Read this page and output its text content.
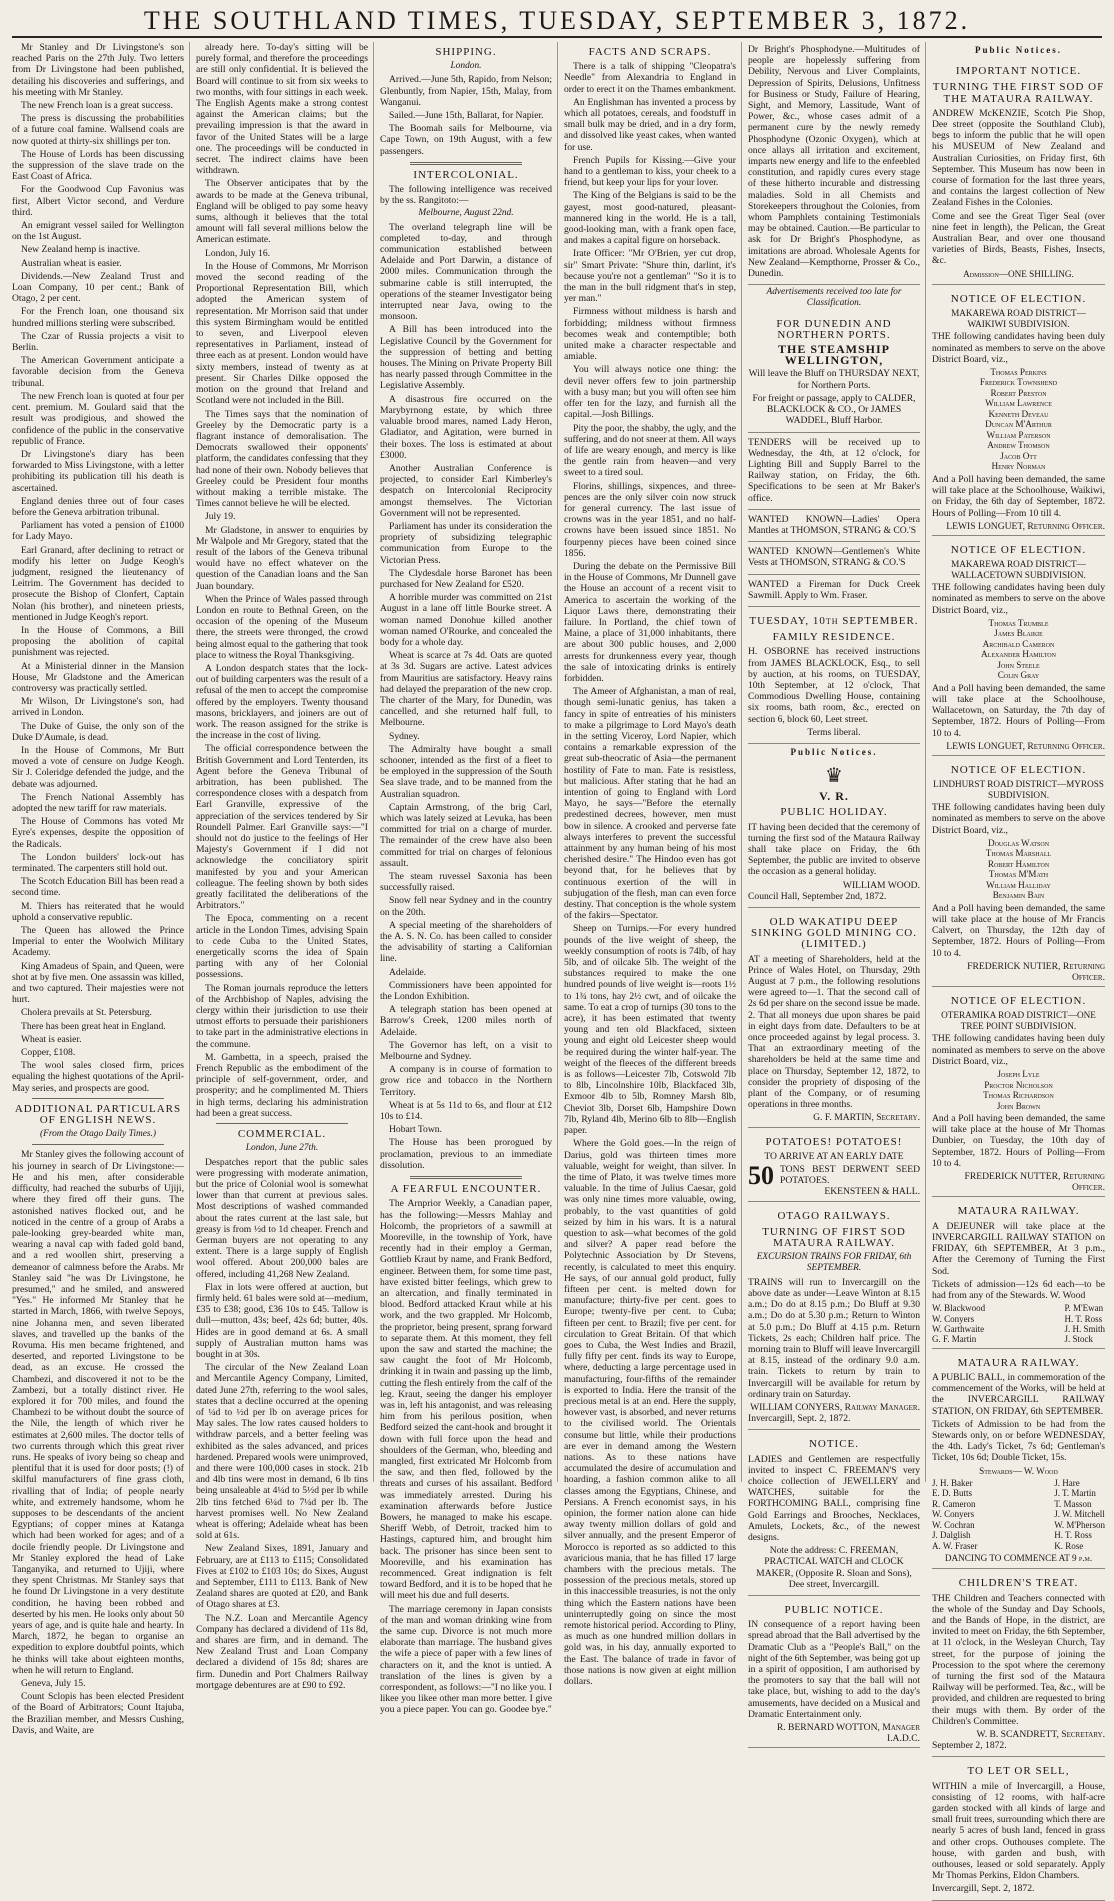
THE SOUTHLAND TIMES, TUESDAY, SEPTEMBER 3, 1872.

Mr Stanley and Dr Livingstone's son reached Paris on the 27th July. Two letters from Dr Livingstone had been published, detailing his discoveries and sufferings, and his meeting with Mr Stanley.

The new French loan is a great success.

The press is discussing the probabilities of a future coal famine. Wallsend coals are now quoted at thirty-six shillings per ton.

The House of Lords has been discussing the suppression of the slave trade on the East Coast of Africa.

For the Goodwood Cup Favonius was first, Albert Victor second, and Verdure third.

An emigrant vessel sailed for Wellington on the 1st August.

New Zealand hemp is inactive.

Australian wheat is easier.

Dividends.—New Zealand Trust and Loan Company, 10 per cent.; Bank of Otago, 2 per cent.

For the French loan, one thousand six hundred millions sterling were subscribed.

The Czar of Russia projects a visit to Berlin.

The American Government anticipate a favorable decision from the Geneva tribunal.

The new French loan is quoted at four per cent. premium. M. Goulard said that the result was prodigious, and showed the confidence of the public in the conservative republic of France.

Dr Livingstone's diary has been forwarded to Miss Livingstone, with a letter prohibiting its publication till his death is ascertained.

England denies three out of four cases before the Geneva arbitration tribunal.

Parliament has voted a pension of £1000 for Lady Mayo.

Earl Granard, after declining to retract or modify his letter on Judge Keogh's judgment, resigned the lieutenancy of Leitrim. The Government has decided to prosecute the Bishop of Clonfert, Captain Nolan (his brother), and nineteen priests, mentioned in Judge Keogh's report.

In the House of Commons, a Bill proposing the abolition of capital punishment was rejected.

At a Ministerial dinner in the Mansion House, Mr Gladstone and the American controversy was practically settled.

Mr Wilson, Dr Livingstone's son, had arrived in London.

The Duke of Guise, the only son of the Duke D'Aumale, is dead.

In the House of Commons, Mr Butt moved a vote of censure on Judge Keogh. Sir J. Coleridge defended the judge, and the debate was adjourned.

The French National Assembly has adopted the new tariff for raw materials.

The House of Commons has voted Mr Eyre's expenses, despite the opposition of the Radicals.

The London builders' lock-out has terminated. The carpenters still hold out.

The Scotch Education Bill has been read a second time.

M. Thiers has reiterated that he would uphold a conservative republic.

The Queen has allowed the Prince Imperial to enter the Woolwich Military Academy.

King Amadeus of Spain, and Queen, were shot at by five men. One assassin was killed, and two captured. Their majesties were not hurt.

Cholera prevails at St. Petersburg.

There has been great heat in England.

Wheat is easier.

Copper, £108.

The wool sales closed firm, prices equaling the highest quotations of the April-May series, and prospects are good.

ADDITIONAL PARTICULARS OF ENGLISH NEWS.
(From the Otago Daily Times.)

Mr Stanley gives the following account of his journey in search of Dr Livingstone:—He and his men, after considerable difficulty, had reached the suburbs of Ujiji, where they fired off their guns. The astonished natives flocked out, and he noticed in the centre of a group of Arabs a pale-looking grey-bearded white man, wearing a naval cap with faded gold band, and a red woollen shirt, preserving a demeanor of calmness before the Arabs. Mr Stanley said "he was Dr Livingstone, he presumed," and he smiled, and answered "Yes." He informed Mr Stanley that he started in March, 1866, with twelve Sepoys, nine Johanna men, and seven liberated slaves, and travelled up the banks of the Rovuma. His men became frightened, and deserted, and reported Livingstone to be dead, as an excuse. He crossed the Chambezi, and discovered it not to be the Zambezi, but a totally distinct river. He explored it for 700 miles, and found the Chambezi to be without doubt the source of the Nile, the length of which river he estimates at 2,600 miles. The doctor tells of two currents through which this great river runs. He speaks of ivory being so cheap and plentiful that it is used for door posts; (!) of skilful manufacturers of fine grass cloth, rivalling that of India; of people nearly white, and extremely handsome, whom he supposes to be descendants of the ancient Egyptians; of copper mines at Katanga which had been worked for ages; and of a docile friendly people. Dr Livingstone and Mr Stanley explored the head of Lake Tanganyika, and returned to Ujiji, where they spent Christmas. Mr Stanley says that he found Dr Livingstone in a very destitute condition, he having been robbed and deserted by his men. He looks only about 50 years of age, and is quite hale and hearty. In March, 1872, he began to organise an expedition to explore doubtful points, which he thinks will take about eighteen months, when he will return to England.

Geneva, July 15.

Count Sclopis has been elected President of the Board of Arbitrators; Count Itajuba, the Brazilian member, and Messrs Cushing, Davis, and Waite, are

already here. To-day's sitting will be purely formal, and therefore the proceedings are still only confidential. It is believed the Board will continue to sit from six weeks to two months, with four sittings in each week. The English Agents make a strong contest against the American claims; but the prevailing impression is that the award in favor of the United States will be a large one. The proceedings will be conducted in secret. The indirect claims have been withdrawn.

The Observer anticipates that by the awards to be made at the Geneva tribunal, England will be obliged to pay some heavy sums, although it believes that the total amount will fall several millions below the American estimate.

London, July 16.

In the House of Commons, Mr Morrison moved the second reading of the Proportional Representation Bill, which adopted the American system of representation. Mr Morrison said that under this system Birmingham would be entitled to seven, and Liverpool eleven representatives in Parliament, instead of three each as at present. London would have sixty members, instead of twenty as at present. Sir Charles Dilke opposed the motion on the ground that Ireland and Scotland were not included in the Bill.

The Times says that the nomination of Greeley by the Democratic party is a flagrant instance of demoralisation. The Democrats swallowed their opponents' platform, the candidates confessing that they had none of their own. Nobody believes that Greeley could be President four months without making a terrible mistake. The Times cannot believe he will be elected.

July 19.

Mr Gladstone, in answer to enquiries by Mr Walpole and Mr Gregory, stated that the result of the labors of the Geneva tribunal would have no effect whatever on the question of the Canadian loans and the San Juan boundary.

When the Prince of Wales passed through London en route to Bethnal Green, on the occasion of the opening of the Museum there, the streets were thronged, the crowd being almost equal to the gathering that took place to witness the Royal Thanksgiving.

A London despatch states that the lock-out of building carpenters was the result of a refusal of the men to accept the compromise offered by the employers. Twenty thousand masons, bricklayers, and joiners are out of work. The reason assigned for the strike is the increase in the cost of living.

The official correspondence between the British Government and Lord Tenterden, its Agent before the Geneva Tribunal of arbitration, has been published. The correspondence closes with a despatch from Earl Granville, expressive of the appreciation of the services tendered by Sir Roundell Palmer. Earl Granville says:—"I should not do justice to the feelings of Her Majesty's Government if I did not acknowledge the conciliatory spirit manifested by you and your American colleague. The feeling shown by both sides greatly facilitated the deliberations of the Arbitrators."

The Epoca, commenting on a recent article in the London Times, advising Spain to cede Cuba to the United States, energetically scorns the idea of Spain parting with any of her Colonial possessions.

The Roman journals reproduce the letters of the Archbishop of Naples, advising the clergy within their jurisdiction to use their utmost efforts to persuade their parishioners to take part in the administrative elections in the commune.

M. Gambetta, in a speech, praised the French Republic as the embodiment of the principle of self-government, order, and prosperity; and he complimented M. Thiers in high terms, declaring his administration had been a great success.

COMMERCIAL.
London, June 27th.

Despatches report that the public sales were progressing with moderate animation, but the price of Colonial wool is somewhat lower than that current at previous sales. Most descriptions of washed commanded about the rates current at the last sale, but greasy is from ½d to 1d cheaper. French and German buyers are not operating to any extent. There is a large supply of English wool offered. About 200,000 bales are offered, including 41,268 New Zealand.

Flax in lots were offered at auction, but firmly held. 61 bales were sold at—medium, £35 to £38; good, £36 10s to £45. Tallow is dull—mutton, 43s; beef, 42s 6d; butter, 40s. Hides are in good demand at 6s. A small supply of Australian mutton hams was bought in at 30s.

The circular of the New Zealand Loan and Mercantile Agency Company, Limited, dated June 27th, referring to the wool sales, states that a decline occurred at the opening of ¼d to ½d per lb on average prices for May sales. The low rates caused holders to withdraw parcels, and a better feeling was exhibited as the sales advanced, and prices hardened. Prepared wools were unimproved, and there were 100,000 cases in stock. 21b and 4lb tins were most in demand, 6 lb tins being unsaleable at 4¼d to 5½d per lb while 2lb tins fetched 6¼d to 7¼d per lb. The harvest promises well. No New Zealand wheat is offering; Adelaide wheat has been sold at 61s.

New Zealand Sixes, 1891, January and February, are at £113 to £115; Consolidated Fives at £102 to £103 10s; do Sixes, August and September, £111 to £113. Bank of New Zealand shares are quoted at £20, and Bank of Otago shares at £3.

The N.Z. Loan and Mercantile Agency Company has declared a dividend of 11s 8d, and shares are firm, and in demand. The New Zealand Trust and Loan Company declared a dividend of 15s 8d; shares are firm. Dunedin and Port Chalmers Railway mortgage debentures are at £90 to £92.

SHIPPING.
London.

Arrived.—June 5th, Rapido, from Nelson; Glenbuntly, from Napier, 15th, Malay, from Wanganui.

Sailed.—June 15th, Ballarat, for Napier.

The Boomah sails for Melbourne, via Cape Town, on 19th August, with a few passengers.

INTERCOLONIAL.

The following intelligence was received by the ss. Rangitoto:—

Melbourne, August 22nd.

The overland telegraph line will be completed to-day, and through communication established between Adelaide and Port Darwin, a distance of 2000 miles. Communication through the submarine cable is still interrupted, the operations of the steamer Investigator being interrupted near Java, owing to the monsoon.

A Bill has been introduced into the Legislative Council by the Government for the suppression of betting and betting houses. The Mining on Private Property Bill has nearly passed through Committee in the Legislative Assembly.

A disastrous fire occurred on the Marybyrnong estate, by which three valuable brood mares, named Lady Heron, Gladiator, and Agitation, were burned in their boxes. The loss is estimated at about £3000.

Another Australian Conference is projected, to consider Earl Kimberley's despatch on Intercolonial Reciprocity amongst themselves. The Victorian Government will not be represented.

Parliament has under its consideration the propriety of subsidizing telegraphic communication from Europe to the Victorian Press.

The Clydesdale horse Baronet has been purchased for New Zealand for £520.

A horrible murder was committed on 21st August in a lane off little Bourke street. A woman named Donohue killed another woman named O'Rourke, and concealed the body for a whole day.

Wheat is scarce at 7s 4d. Oats are quoted at 3s 3d. Sugars are active. Latest advices from Mauritius are satisfactory. Heavy rains had delayed the preparation of the new crop. The charter of the Mary, for Dunedin, was cancelled, and she returned half full, to Melbourne.

Sydney.

The Admiralty have bought a small schooner, intended as the first of a fleet to be employed in the suppression of the South Sea slave trade, and to be manned from the Australian squadron.

Captain Armstrong, of the brig Carl, which was lately seized at Levuka, has been committed for trial on a charge of murder. The remainder of the crew have also been committed for trial on charges of felonious assault.

The steam ruvessel Saxonia has been successfully raised.

Snow fell near Sydney and in the country on the 20th.

A special meeting of the shareholders of the A. S. N. Co. has been called to consider the advisability of starting a Californian line.

Adelaide.

Commissioners have been appointed for the London Exhibition.

A telegraph station has been opened at Barrow's Creek, 1200 miles north of Adelaide.

The Governor has left, on a visit to Melbourne and Sydney.

A company is in course of formation to grow rice and tobacco in the Northern Territory.

Wheat is at 5s 11d to 6s, and flour at £12 10s to £14.

Hobart Town.

The House has been prorogued by proclamation, previous to an immediate dissolution.

A FEARFUL ENCOUNTER.

The Arnprior Weekly, a Canadian paper, has the following:—Messrs Mahlay and Holcomb, the proprietors of a sawmill at Mooreville, in the township of York, have recently had in their employ a German, Gottlieb Kraut by name, and Frank Bedford, engineer. Between them, for some time past, have existed bitter feelings, which grew to an altercation, and finally terminated in blood. Bedford attacked Kraut while at his work, and the two grappled. Mr Holcomb, the proprietor, being present, sprang forward to separate them. At this moment, they fell upon the saw and started the machine; the saw caught the foot of Mr Holcomb, drinking it in twain and passing up the limb, cutting the flesh entirely from the calf of the leg. Kraut, seeing the danger his employer was in, left his antagonist, and was releasing him from his perilous position, when Bedford seized the cant-hook and brought it down with full force upon the head and shoulders of the German, who, bleeding and mangled, first extricated Mr Holcomb from the saw, and then fled, followed by the threats and curses of his assailant. Bedford was immediately arrested. During his examination afterwards before Justice Bowers, he managed to make his escape. Sheriff Webb, of Detroit, tracked him to Hastings, captured him, and brought him back. The prisoner has since been sent to Mooreville, and his examination has recommenced. Great indignation is felt toward Bedford, and it is to be hoped that he will meet his due and full deserts.

The marriage ceremony in Japan consists of the man and woman drinking wine from the same cup. Divorce is not much more elaborate than marriage. The husband gives the wife a piece of paper with a few lines of characters on it, and the knot is untied. A translation of the lines is given by a correspondent, as follows:—"I no like you. I likee you likee other man more better. I give you a piece paper. You can go. Goodee bye."

FACTS AND SCRAPS.

There is a talk of shipping "Cleopatra's Needle" from Alexandria to England in order to erect it on the Thames embankment.

An Englishman has invented a process by which all potatoes, cereals, and foodstuff in small bulk may be dried, and in a dry form, and dissolved like yeast cakes, when wanted for use.

French Pupils for Kissing.—Give your hand to a gentleman to kiss, your cheek to a friend, but keep your lips for your lover.

The King of the Belgians is said to be the gayest, most good-natured, pleasant-mannered king in the world. He is a tall, good-looking man, with a frank open face, and makes a capital figure on horseback.

Irate Officer: "Mr O'Brien, yer cut drop, sir" Smart Private: "Shure thin, darlint, it's because you're not a gentleman" "So it is to the man in the bull ridgment that's in step, yer man."

Firmness without mildness is harsh and forbidding; mildness without firmness becomes weak and contemptible; both united make a character respectable and amiable.

You will always notice one thing: the devil never offers few to join partnership with a busy man; but you will often see him offer ten for the lazy, and furnish all the capital.—Josh Billings.

Pity the poor, the shabby, the ugly, and the suffering, and do not sneer at them. All ways of life are weary enough, and mercy is like the gentle rain from heaven—and very sweet to a tired soul.

Florins, shillings, sixpences, and three-pences are the only silver coin now struck for general currency. The last issue of crowns was in the year 1851, and no half-crowns have been issued since 1851. No fourpenny pieces have been coined since 1856.

During the debate on the Permissive Bill in the House of Commons, Mr Dunnell gave the House an account of a recent visit to America to ascertain the working of the Liquor Laws there, demonstrating their failure. In Portland, the chief town of Maine, a place of 31,000 inhabitants, there are about 300 public houses, and 2,000 arrests for drunkenness every year, though the sale of intoxicating drinks is entirely forbidden.

The Ameer of Afghanistan, a man of real, though semi-lunatic genius, has taken a fancy in spite of entreaties of his ministers to make a pilgrimage to Lord Mayo's death in the setting Viceroy, Lord Napier, which contains a remarkable expression of the great sub-theocratic of Asia—the permanent hostility of Fate to man. Fate is resistless, but malicious. After stating that he had an intention of going to England with Lord Mayo, he says—"Before the eternally predestined decrees, however, men must bow in silence. A crooked and perverse fate always interferes to prevent the successful attainment by any human being of his most cherished desire." The Hindoo even has got beyond that, for he believes that by continuous exertion of the will in subjugation of the flesh, man can even force destiny. That conception is the whole system of the fakirs—Spectator.

Sheep on Turnips.—For every hundred pounds of the live weight of sheep, the weekly consumption of roots is 74lb, of hay 5lb, and of oilcake 5lb. The weight of the substances required to make the one hundred pounds of live weight is—roots 1½ to 1¾ tons, hay 2½ cwt, and of oilcake the same. To eat a crop of turnips (30 tons to the acre), it has been estimated that twenty young and ten old Blackfaced, sixteen young and eight old Leicester sheep would be required during the winter half-year. The weight of the fleeces of the different breeds is as follows—Leicester 7lb, Cotswold 7lb to 8lb, Lincolnshire 10lb, Blackfaced 3lb, Exmoor 4lb to 5lb, Romney Marsh 8lb, Cheviot 3lb, Dorset 6lb, Hampshire Down 7lb, Ryland 4lb, Merino 6lb to 8lb—English paper.

Where the Gold goes.—In the reign of Darius, gold was thirteen times more valuable, weight for weight, than silver. In the time of Plato, it was twelve times more valuable. In the time of Julius Caesar, gold was only nine times more valuable, owing, probably, to the vast quantities of gold seized by him in his wars. It is a natural question to ask—what becomes of the gold and silver? A paper read before the Polytechnic Association by Dr Stevens, recently, is calculated to meet this enquiry. He says, of our annual gold product, fully fifteen per cent. is melted down for manufacture; thirty-five per cent. goes to Europe; twenty-five per cent. to Cuba; fifteen per cent. to Brazil; five per cent. for circulation to Great Britain. Of that which goes to Cuba, the West Indies and Brazil, fully fifty per cent. finds its way to Europe, where, deducting a large percentage used in manufacturing, four-fifths of the remainder is exported to India. Here the transit of the precious metal is at an end. Here the supply, however vast, is absorbed, and never returns to the civilised world. The Orientals consume but little, while their productions are ever in demand among the Western nations. As to these nations have accumulated the desire of accumulation and hoarding, a fashion common alike to all classes among the Egyptians, Chinese, and Persians. A French economist says, in his opinion, the former nation alone can hide away twenty million dollars of gold and silver annually, and the present Emperor of Morocco is reported as so addicted to this avaricious mania, that he has filled 17 large chambers with the precious metals. The possession of the precious metals, stored up in this inaccessible treasuries, is not the only thing which the Eastern nations have been uninterruptedly going on since the most remote historical period. According to Pliny, as much as one hundred million dollars in gold was, in his day, annually exported to the East. The balance of trade in favor of those nations is now given at eight million dollars.

Dr Bright's Phosphodyne.—Multitudes of people are hopelessly suffering from Debility, Nervous and Liver Complaints, Depression of Spirits, Delusions, Unfitness for Business or Study, Failure of Hearing, Sight, and Memory, Lassitude, Want of Power, &c., whose cases admit of a permanent cure by the newly remedy Phosphodyne (Ozonic Oxygen), which at once allays all irritation and excitement, imparts new energy and life to the enfeebled constitution, and rapidly cures every stage of these hitherto incurable and distressing maladies. Sold in all Chemists and Storekeepers throughout the Colonies, from whom Pamphlets containing Testimonials may be obtained. Caution.—Be particular to ask for Dr Bright's Phosphodyne, as imitations are abroad. Wholesale Agents for New Zealand—Kempthorne, Prosser & Co., Dunedin.

Advertisements received too late for Classification.
FOR DUNEDIN AND NORTHERN PORTS.
THE STEAMSHIP WELLINGTON,

Will leave the Bluff on THURSDAY NEXT, for Northern Ports.

For freight or passage, apply to CALDER, BLACKLOCK & CO., Or JAMES WADDEL, Bluff Harbor.

TENDERS will be received up to Wednesday, the 4th, at 12 o'clock, for Lighting Bill and Supply Barrel to the Railway station, on Friday, the 6th. Specifications to be seen at Mr Baker's office.

WANTED KNOWN—Ladies' Opera Mantles at THOMSON, STRANG & CO.'S

WANTED KNOWN—Gentlemen's White Vests at THOMSON, STRANG & CO.'S

WANTED a Fireman for Duck Creek Sawmill. Apply to Wm. Fraser.

TUESDAY, 10th SEPTEMBER.
FAMILY RESIDENCE.

H. OSBORNE has received instructions from JAMES BLACKLOCK, Esq., to sell by auction, at his rooms, on TUESDAY, 10th September, at 12 o'clock, That Commodious Dwelling House, containing six rooms, bath room, &c., erected on section 6, block 60, Leet street.

Terms liberal.

Public Notices.
♛
V. R.
PUBLIC HOLIDAY.

IT having been decided that the ceremony of turning the first sod of the Mataura Railway shall take place on Friday, the 6th September, the public are invited to observe the occasion as a general holiday.

WILLIAM WOOD.

Council Hall, September 2nd, 1872.

OLD WAKATIPU DEEP SINKING GOLD MINING CO. (LIMITED.)

AT a meeting of Shareholders, held at the Prince of Wales Hotel, on Thursday, 29th August at 7 p.m., the following resolutions were agreed to—1. That the second call of 2s 6d per share on the second issue be made. 2. That all moneys due upon shares be paid in eight days from date. Defaulters to be at once proceeded against by legal process. 3. That an extraordinary meeting of the shareholders be held at the same time and place on Thursday, September 12, 1872, to consider the propriety of disposing of the plant of the Company, or of resuming operations in three months.

G. F. MARTIN, Secretary.
POTATOES! POTATOES!

TO ARRIVE AT AN EARLY DATE

50 TONS BEST DERWENT SEED POTATOES.
EKENSTEEN & HALL.
OTAGO RAILWAYS.
TURNING OF FIRST SOD MATAURA RAILWAY.
EXCURSION TRAINS FOR FRIDAY, 6th SEPTEMBER.

TRAINS will run to Invercargill on the above date as under—Leave Winton at 8.15 a.m.; Do do at 8.15 p.m.; Do Bluff at 9.30 a.m.; Do do at 5.30 p.m.; Return to Winton at 5.0 p.m.; Do Bluff at 4.15 p.m. Return Tickets, 2s each; Children half price. The morning train to Bluff will leave Invercargill at 8.15, instead of the ordinary 9.0 a.m. train. Tickets to return by train to Invercargill will be available for return by ordinary train on Saturday.

WILLIAM CONYERS, Railway Manager.

Invercargill, Sept. 2, 1872.

NOTICE.

LADIES and Gentlemen are respectfully invited to inspect C. FREEMAN'S very choice collection of JEWELLERY and WATCHES, suitable for the FORTHCOMING BALL, comprising fine Gold Earrings and Brooches, Necklaces, Amulets, Lockets, &c., of the newest designs.

Note the address: C. FREEMAN, PRACTICAL WATCH and CLOCK MAKER, (Opposite R. Sloan and Sons), Dee street, Invercargill.

PUBLIC NOTICE.

IN consequence of a report having been spread abroad that the Ball advertised by the Dramatic Club as a "People's Ball," on the night of the 6th September, was being got up in a spirit of opposition, I am authorised by the promoters to say that the ball will not take place, but, wishing to add to the day's amusements, have decided on a Musical and Dramatic Entertainment only.

R. BERNARD WOTTON, Manager I.A.D.C.
Public Notices.
IMPORTANT NOTICE.
TURNING THE FIRST SOD OF THE MATAURA RAILWAY.

ANDREW McKENZIE, Scotch Pie Shop, Dee street (opposite the Southland Club), begs to inform the public that he will open his MUSEUM of New Zealand and Australian Curiosities, on Friday first, 6th September. This Museum has now been in course of formation for the last three years, and contains the largest collection of New Zealand Fishes in the Colonies.

Come and see the Great Tiger Seal (over nine feet in length), the Pelican, the Great Australian Bear, and over one thousand varieties of Birds, Beasts, Fishes, Insects, &c.

Admission—ONE SHILLING.
NOTICE OF ELECTION.
MAKAREWA ROAD DISTRICT—WAIKIWI SUBDIVISION.

THE following candidates having been duly nominated as members to serve on the above District Board, viz.,

Thomas Perkins
Frederick Townshend
Robert Preston
William Lawrence
Kenneth Deveau
Duncan M'Arthur
William Paterson
Andrew Thomson
Jacob Ott
Henry Norman

And a Poll having been demanded, the same will take place at the Schoolhouse, Waikiwi, on Friday, the 6th day of September, 1872. Hours of Polling—From 10 till 4.

LEWIS LONGUET, Returning Officer.
NOTICE OF ELECTION.
MAKAREWA ROAD DISTRICT—WALLACETOWN SUBDIVISION.

THE following candidates having been duly nominated as members to serve on the above District Board, viz.,

Thomas Trumble
James Blaikie
Archibald Cameron
Alexander Hamilton
John Steele
Colin Gray

And a Poll having been demanded, the same will take place at the Schoolhouse, Wallacetown, on Saturday, the 7th day of September, 1872. Hours of Polling—From 10 to 4.

LEWIS LONGUET, Returning Officer.
NOTICE OF ELECTION.
LINDHURST ROAD DISTRICT—MYROSS SUBDIVISION.

THE following candidates having been duly nominated as members to serve on the above District Board, viz.,

Douglas Watson
Thomas Marshall
Robert Hamilton
Thomas M'Math
William Halliday
Benjamin Bain

And a Poll having been demanded, the same will take place at the house of Mr Francis Calvert, on Thursday, the 12th day of September, 1872. Hours of Polling—From 10 to 4.

FREDERICK NUTIER, Returning Officer.
NOTICE OF ELECTION.
OTERAMIKA ROAD DISTRICT—ONE TREE POINT SUBDIVISION.

THE following candidates having been duly nominated as members to serve on the above District Board, viz.,

Joseph Lyle
Proctor Nicholson
Thomas Richardson
John Brown

And a Poll having been demanded, the same will take place at the house of Mr Thomas Dunbier, on Tuesday, the 10th day of September, 1872. Hours of Polling—From 10 to 4.

FREDERICK NUTTER, Returning Officer.
MATAURA RAILWAY.

A DEJEUNER will take place at the INVERCARGILL RAILWAY STATION on FRIDAY, 6th SEPTEMBER, At 3 p.m., After the Ceremony of Turning the First Sod.

Tickets of admission—12s 6d each—to be had from any of the Stewards. W. Wood

W. Blackwood
W. Conyers
W. Garthwaite
G. F. Martin
P. M'Ewan
H. T. Ross
J. H. Smith
J. Stock
MATAURA RAILWAY.

A PUBLIC BALL, in commemoration of the commencement of the Works, will be held at the INVERCARGILL RAILWAY STATION, ON FRIDAY, 6th SEPTEMBER.

Tickets of Admission to be had from the Stewards only, on or before WEDNESDAY, the 4th. Lady's Ticket, 7s 6d; Gentleman's Ticket, 10s 6d; Double Ticket, 15s.

Stewards— W. Wood
J. H. Baker
E. D. Butts
R. Cameron
W. Conyers
W. Cochran
J. Dalglish
A. W. Fraser
J. Hare
J. T. Martin
T. Masson
J. W. Mitchell
W. M'Pherson
H. T. Ross
K. Rose
DANCING TO COMMENCE AT 9 p.m.
CHILDREN'S TREAT.

THE Children and Teachers connected with the whole of the Sunday and Day Schools, and the Bands of Hope, in the district, are invited to meet on Friday, the 6th September, at 11 o'clock, in the Wesleyan Church, Tay street, for the purpose of joining the Procession to the spot where the ceremony of turning the first sod of the Mataura Railway will be performed. Tea, &c., will be provided, and children are requested to bring their mugs with them. By order of the Children's Committee.

W. B. SCANDRETT, Secretary.

September 2, 1872.

TO LET OR SELL,

WITHIN a mile of Invercargill, a House, consisting of 12 rooms, with half-acre garden stocked with all kinds of large and small fruit trees, surrounding which there are nearly 5 acres of bush land, fenced in grass and other crops. Outhouses complete. The house, with garden and bush, with outhouses, leased or sold separately. Apply Mr Thomas Perkins, Eldon Chambers.

Invercargill, Sept. 2, 1872.
